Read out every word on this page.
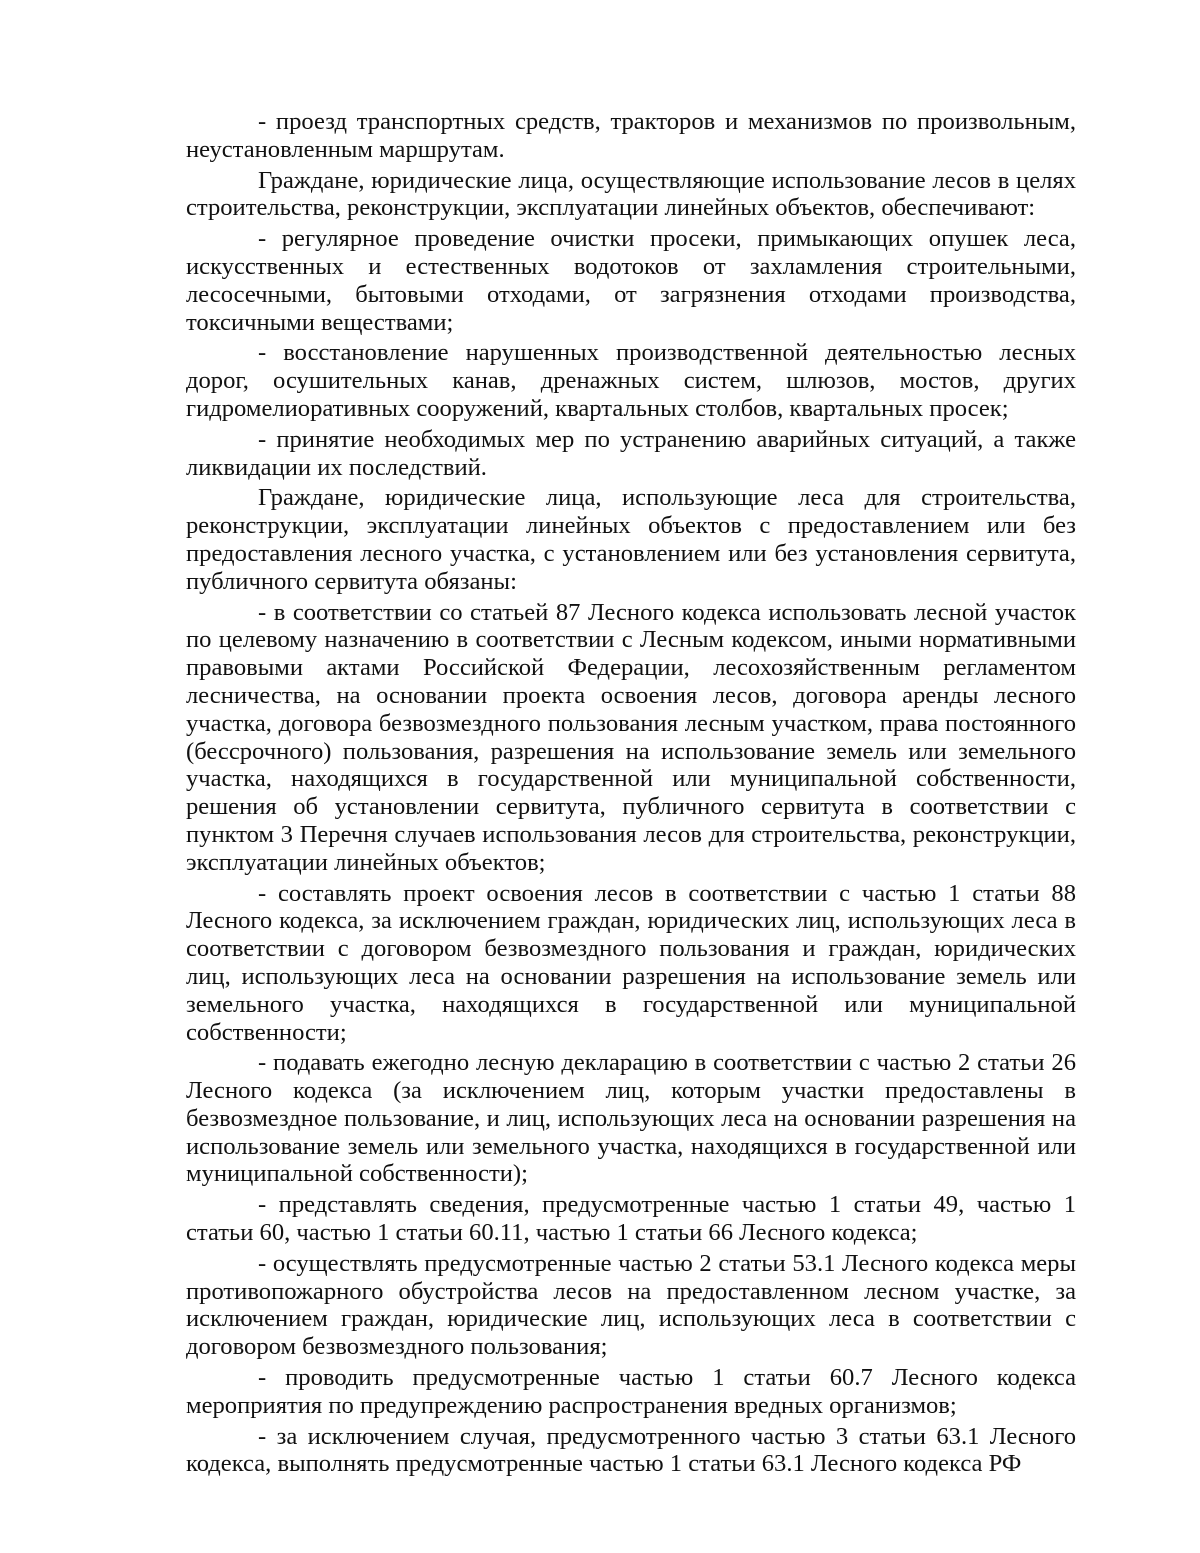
- проезд транспортных средств, тракторов и механизмов по произвольным, неустановленным маршрутам.

Граждане, юридические лица, осуществляющие использование лесов в целях строительства, реконструкции, эксплуатации линейных объектов, обеспечивают:

- регулярное проведение очистки просеки, примыкающих опушек леса, искусственных и естественных водотоков от захламления строительными, лесосечными, бытовыми отходами, от загрязнения отходами производства, токсичными веществами;

- восстановление нарушенных производственной деятельностью лесных дорог, осушительных канав, дренажных систем, шлюзов, мостов, других гидромелиоративных сооружений, квартальных столбов, квартальных просек;

- принятие необходимых мер по устранению аварийных ситуаций, а также ликвидации их последствий.

Граждане, юридические лица, использующие леса для строительства, реконструкции, эксплуатации линейных объектов с предоставлением или без предоставления лесного участка, с установлением или без установления сервитута, публичного сервитута обязаны:

- в соответствии со статьей 87 Лесного кодекса использовать лесной участок по целевому назначению в соответствии с Лесным кодексом, иными нормативными правовыми актами Российской Федерации, лесохозяйственным регламентом лесничества, на основании проекта освоения лесов, договора аренды лесного участка, договора безвозмездного пользования лесным участком, права постоянного (бессрочного) пользования, разрешения на использование земель или земельного участка, находящихся в государственной или муниципальной собственности, решения об установлении сервитута, публичного сервитута в соответствии с пунктом 3 Перечня случаев использования лесов для строительства, реконструкции, эксплуатации линейных объектов;

- составлять проект освоения лесов в соответствии с частью 1 статьи 88 Лесного кодекса, за исключением граждан, юридических лиц, использующих леса в соответствии с договором безвозмездного пользования и граждан, юридических лиц, использующих леса на основании разрешения на использование земель или земельного участка, находящихся в государственной или муниципальной собственности;

- подавать ежегодно лесную декларацию в соответствии с частью 2 статьи 26 Лесного кодекса (за исключением лиц, которым участки предоставлены в безвозмездное пользование, и лиц, использующих леса на основании разрешения на использование земель или земельного участка, находящихся в государственной или муниципальной собственности);

- представлять сведения, предусмотренные частью 1 статьи 49, частью 1 статьи 60, частью 1 статьи 60.11, частью 1 статьи 66 Лесного кодекса;

- осуществлять предусмотренные частью 2 статьи 53.1 Лесного кодекса меры противопожарного обустройства лесов на предоставленном лесном участке, за исключением граждан, юридические лиц, использующих леса в соответствии с договором безвозмездного пользования;

- проводить предусмотренные частью 1 статьи 60.7 Лесного кодекса мероприятия по предупреждению распространения вредных организмов;

- за исключением случая, предусмотренного частью 3 статьи 63.1 Лесного кодекса, выполнять предусмотренные частью 1 статьи 63.1 Лесного кодекса РФ
